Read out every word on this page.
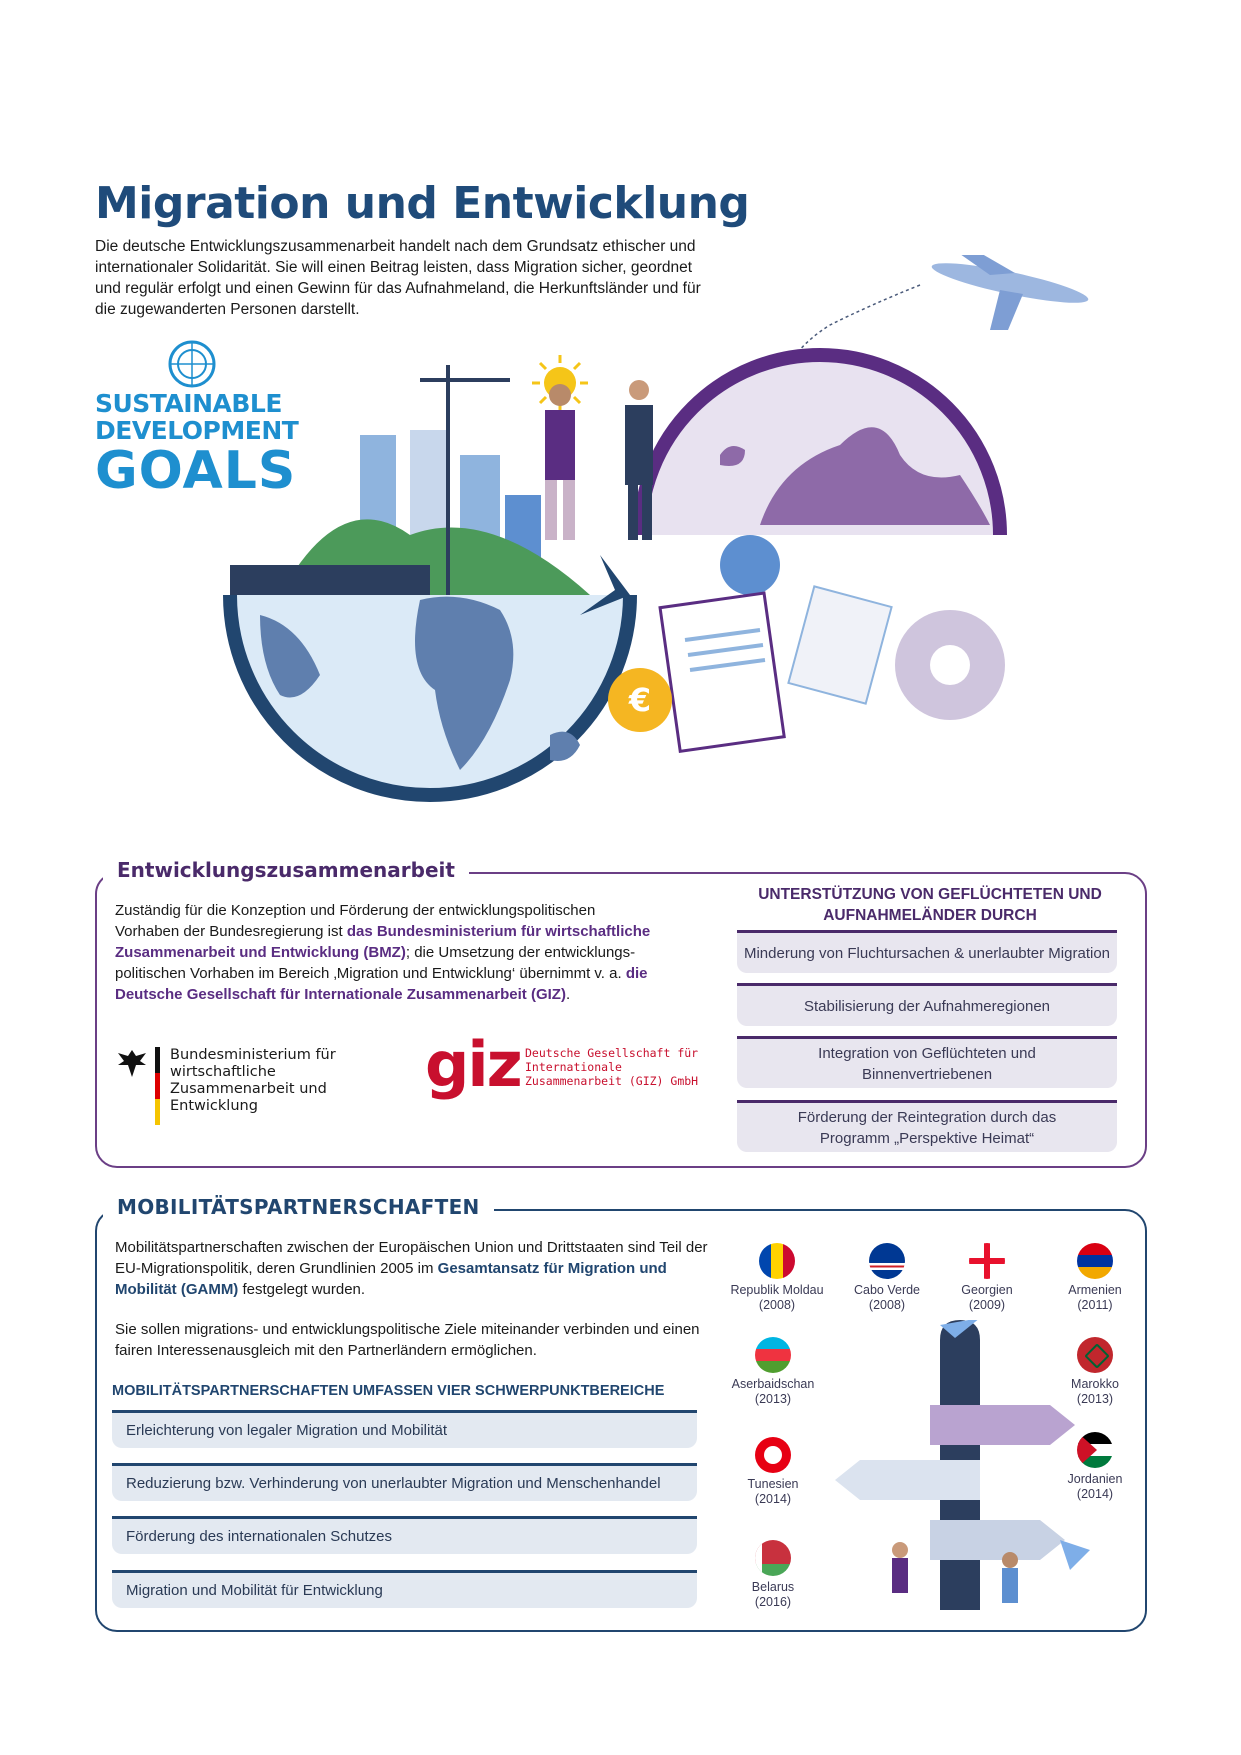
Migration und Entwicklung
Die deutsche Entwicklungszusammenarbeit handelt nach dem Grundsatz ethischer und internationaler Solidarität. Sie will einen Beitrag leisten, dass Migration sicher, geordnet und regulär erfolgt und einen Gewinn für das Aufnahmeland, die Herkunftsländer und für die zugewanderten Personen darstellt.
SUSTAINABLE
DEVELOPMENT
GOALS
€
Entwicklungszusammenarbeit
Zuständig für die Konzeption und Förderung der entwicklungspolitischen Vorhaben der Bundesregierung ist das Bundesministerium für wirtschaftliche Zusammenarbeit und Entwicklung (BMZ); die Umsetzung der entwicklungspolitischen Vorhaben im Bereich ‚Migration und Entwicklung‘ übernimmt v. a. die Deutsche Gesellschaft für Internationale Zusammenarbeit (GIZ).
Bundesministerium für wirtschaftliche Zusammenarbeit und Entwicklung
giz Deutsche Gesellschaft für Internationale Zusammenarbeit (GIZ) GmbH
UNTERSTÜTZUNG VON GEFLÜCHTETEN UND AUFNAHMELÄNDER DURCH
Minderung von Fluchtursachen & unerlaubter Migration
Stabilisierung der Aufnahmeregionen
Integration von Geflüchteten und Binnenvertriebenen
Förderung der Reintegration durch das Programm „Perspektive Heimat“
MOBILITÄTSPARTNERSCHAFTEN
Mobilitätspartnerschaften zwischen der Europäischen Union und Drittstaaten sind Teil der EU-Migrationspolitik, deren Grundlinien 2005 im Gesamtansatz für Migration und Mobilität (GAMM) festgelegt wurden.
Sie sollen migrations- und entwicklungspolitische Ziele miteinander verbinden und einen fairen Interessenausgleich mit den Partnerländern ermöglichen.
MOBILITÄTSPARTNERSCHAFTEN UMFASSEN VIER SCHWERPUNKTBEREICHE
Erleichterung von legaler Migration und Mobilität
Reduzierung bzw. Verhinderung von unerlaubter Migration und Menschenhandel
Förderung des internationalen Schutzes
Migration und Mobilität für Entwicklung
Republik Moldau
(2008)
Cabo Verde
(2008)
Georgien
(2009)
Armenien
(2011)
Aserbaidschan
(2013)
Marokko
(2013)
Tunesien
(2014)
Jordanien
(2014)
Belarus
(2016)
